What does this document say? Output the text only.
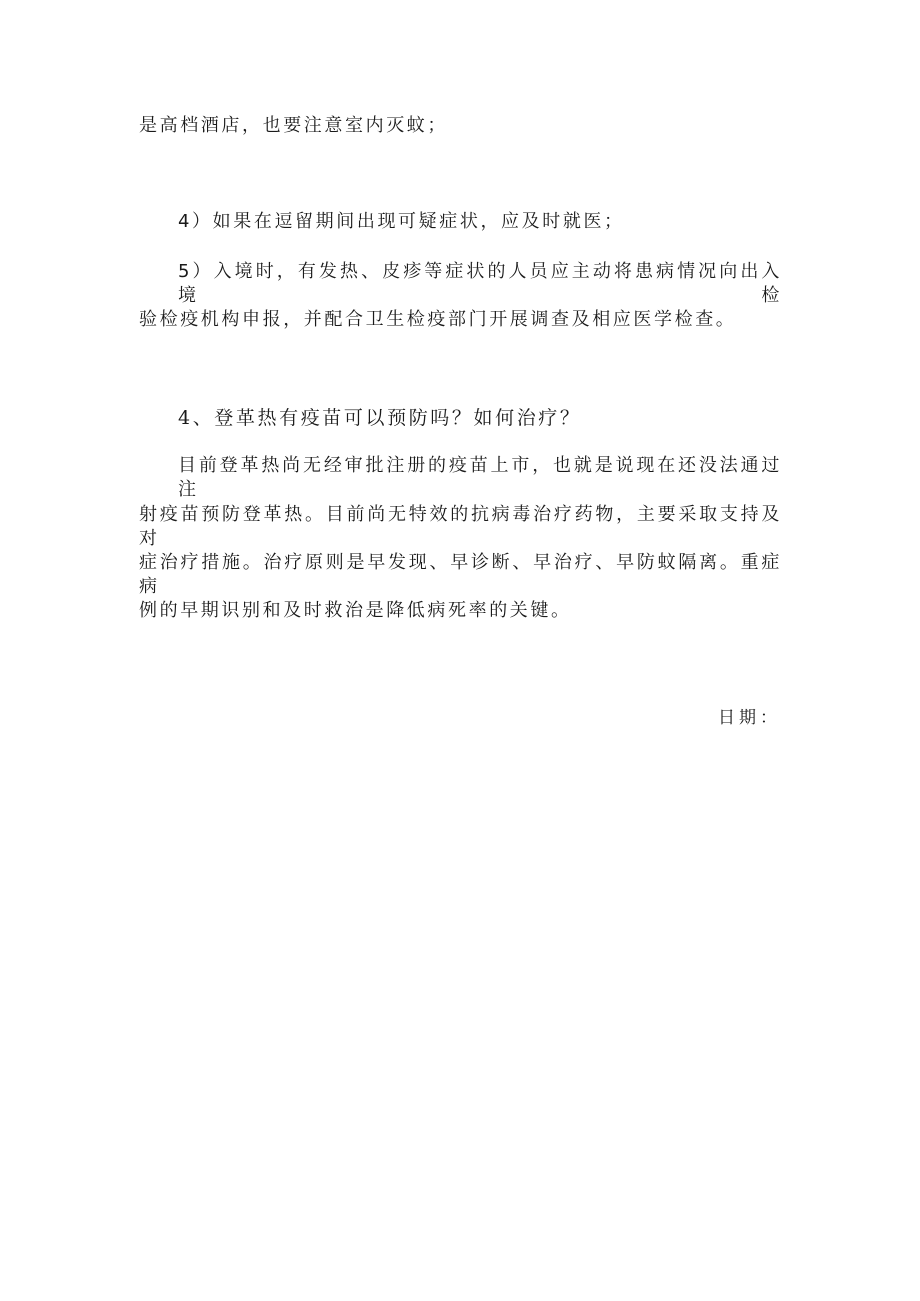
是高档酒店，也要注意室内灭蚊；
4）如果在逗留期间出现可疑症状，应及时就医；
5）入境时，有发热、皮疹等症状的人员应主动将患病情况向出入境检
验检疫机构申报，并配合卫生检疫部门开展调查及相应医学检查。
4、登革热有疫苗可以预防吗？如何治疗？
目前登革热尚无经审批注册的疫苗上市，也就是说现在还没法通过注
射疫苗预防登革热。目前尚无特效的抗病毒治疗药物，主要采取支持及对
症治疗措施。治疗原则是早发现、早诊断、早治疗、早防蚊隔离。重症病
例的早期识别和及时救治是降低病死率的关键。
日期：
